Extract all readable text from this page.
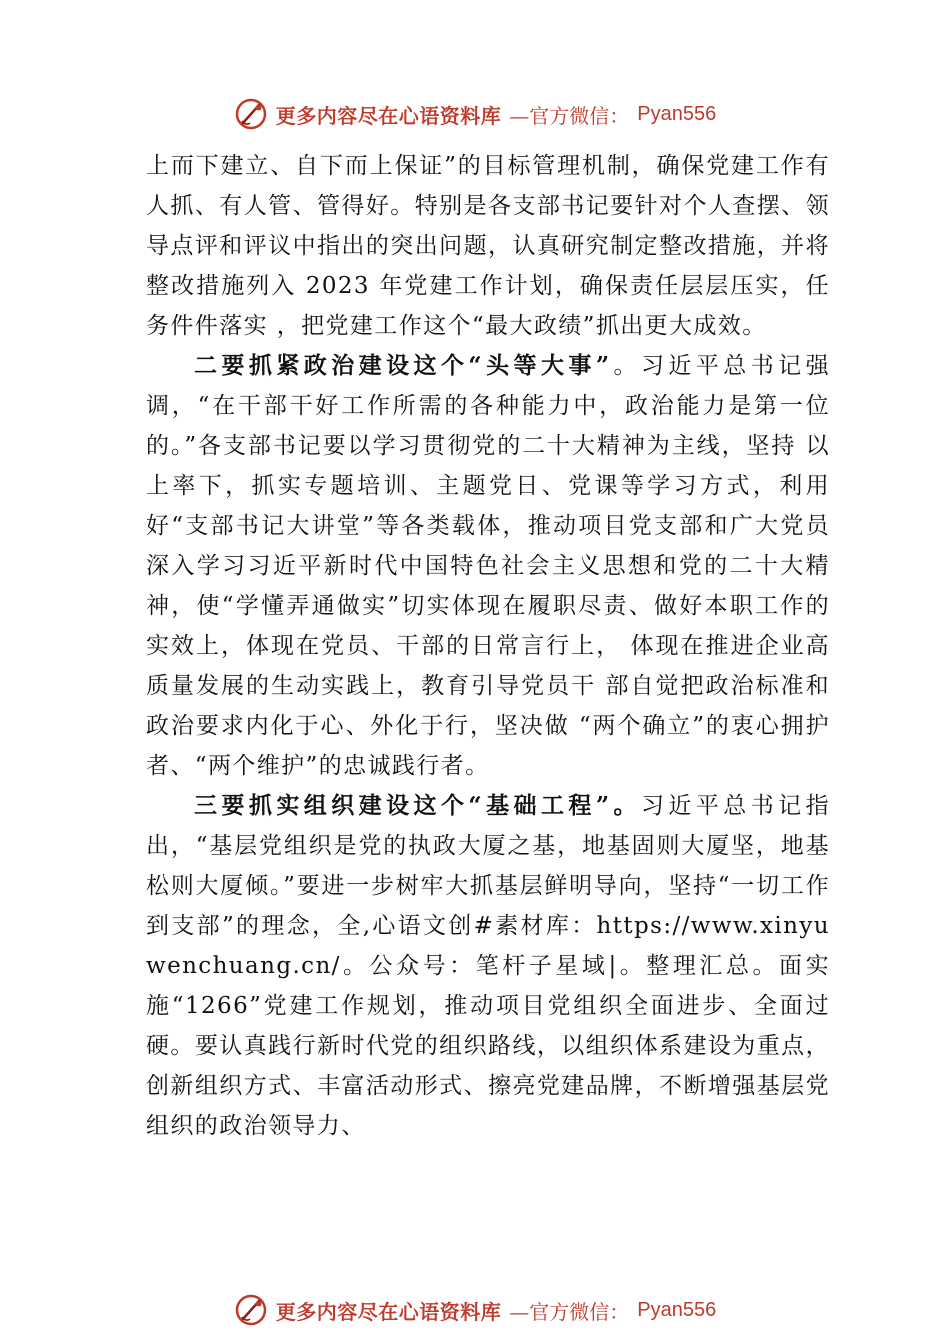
更多内容尽在心语资料库 —官方微信： Pyan556

上而下建立、自下而上保证”的目标管理机制，确保党建工作有人抓、有人管、管得好。特别是各支部书记要针对个人查摆、领导点评和评议中指出的突出问题，认真研究制定整改措施，并将整改措施列入 2023 年党建工作计划，确保责任层层压实，任务件件落实 ，把党建工作这个“最大政绩”抓出更大成效。

二要抓紧政治建设这个“头等大事”。习近平总书记强调，“在干部干好工作所需的各种能力中，政治能力是第一位的。”各支部书记要以学习贯彻党的二十大精神为主线，坚持 以上率下，抓实专题培训、主题党日、党课等学习方式，利用好“支部书记大讲堂”等各类载体，推动项目党支部和广大党员深入学习习近平新时代中国特色社会主义思想和党的二十大精神，使“学懂弄通做实”切实体现在履职尽责、做好本职工作的实效上，体现在党员、干部的日常言行上， 体现在推进企业高质量发展的生动实践上，教育引导党员干 部自觉把政治标准和政治要求内化于心、外化于行，坚决做 “两个确立”的衷心拥护者、“两个维护”的忠诚践行者。

三要抓实组织建设这个“基础工程”。习近平总书记指出，“基层党组织是党的执政大厦之基，地基固则大厦坚，地基松则大厦倾。”要进一步树牢大抓基层鲜明导向，坚持“一切工作到支部”的理念，全,心语文创#素材库：https://www.xinyuwenchuang.cn/。公众号：笔杆子星域|。整理汇总。面实施“1266”党建工作规划，推动项目党组织全面进步、全面过硬。要认真践行新时代党的组织路线，以组织体系建设为重点，创新组织方式、丰富活动形式、擦亮党建品牌，不断增强基层党组织的政治领导力、

更多内容尽在心语资料库 —官方微信： Pyan556
